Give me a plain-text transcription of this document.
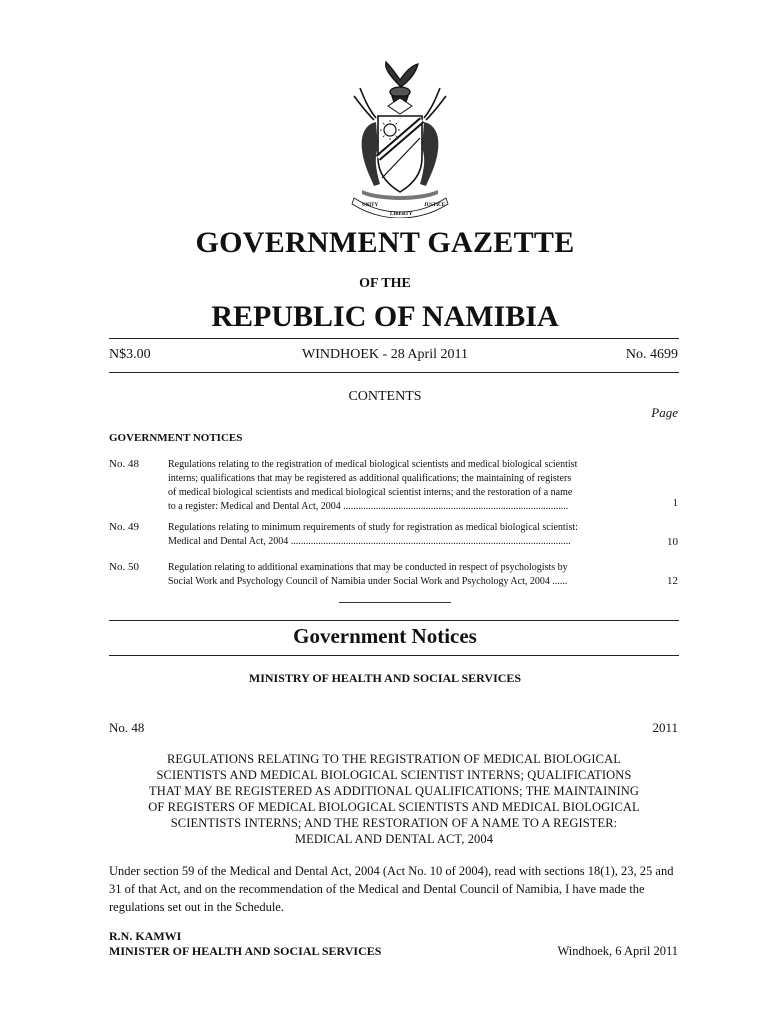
UNITY
LIBERTY
JUSTICE
GOVERNMENT GAZETTE
OF THE
REPUBLIC OF NAMIBIA
N$3.00	WINDHOEK - 28 April 2011	No. 4699
CONTENTS
Page
GOVERNMENT NOTICES
No. 48	Regulations relating to the registration of medical biological scientists and medical biological scientist
interns; qualifications that may be registered as additional qualifications; the maintaining of registers
of medical biological scientists and medical biological scientist interns; and the restoration of a name
to a register: Medical and Dental Act, 2004 ..........................................................................................	1
No. 49	Regulations relating to minimum requirements of study for registration as medical biological scientist:
Medical and Dental Act, 2004 ................................................................................................................	10
No. 50	Regulation relating to additional examinations that may be conducted in respect of psychologists by
Social Work and Psychology Council of Namibia under Social Work and Psychology Act, 2004 ......	12
Government Notices
MINISTRY OF HEALTH AND SOCIAL SERVICES
No. 48	2011
REGULATIONS RELATING TO THE REGISTRATION OF MEDICAL BIOLOGICAL
SCIENTISTS AND MEDICAL BIOLOGICAL SCIENTIST INTERNS; QUALIFICATIONS
THAT MAY BE REGISTERED AS ADDITIONAL QUALIFICATIONS; THE MAINTAINING
OF REGISTERS OF MEDICAL BIOLOGICAL SCIENTISTS AND MEDICAL BIOLOGICAL
SCIENTISTS INTERNS; AND THE RESTORATION OF A NAME TO A REGISTER:
MEDICAL AND DENTAL ACT, 2004
Under section 59 of the Medical and Dental Act, 2004 (Act No. 10 of 2004), read with sections 18(1), 23, 25 and 31 of that Act, and on the recommendation of the Medical and Dental Council of Namibia, I have made the regulations set out in the Schedule.
R.N. KAMWI
MINISTER OF HEALTH AND SOCIAL SERVICES	Windhoek, 6 April 2011
